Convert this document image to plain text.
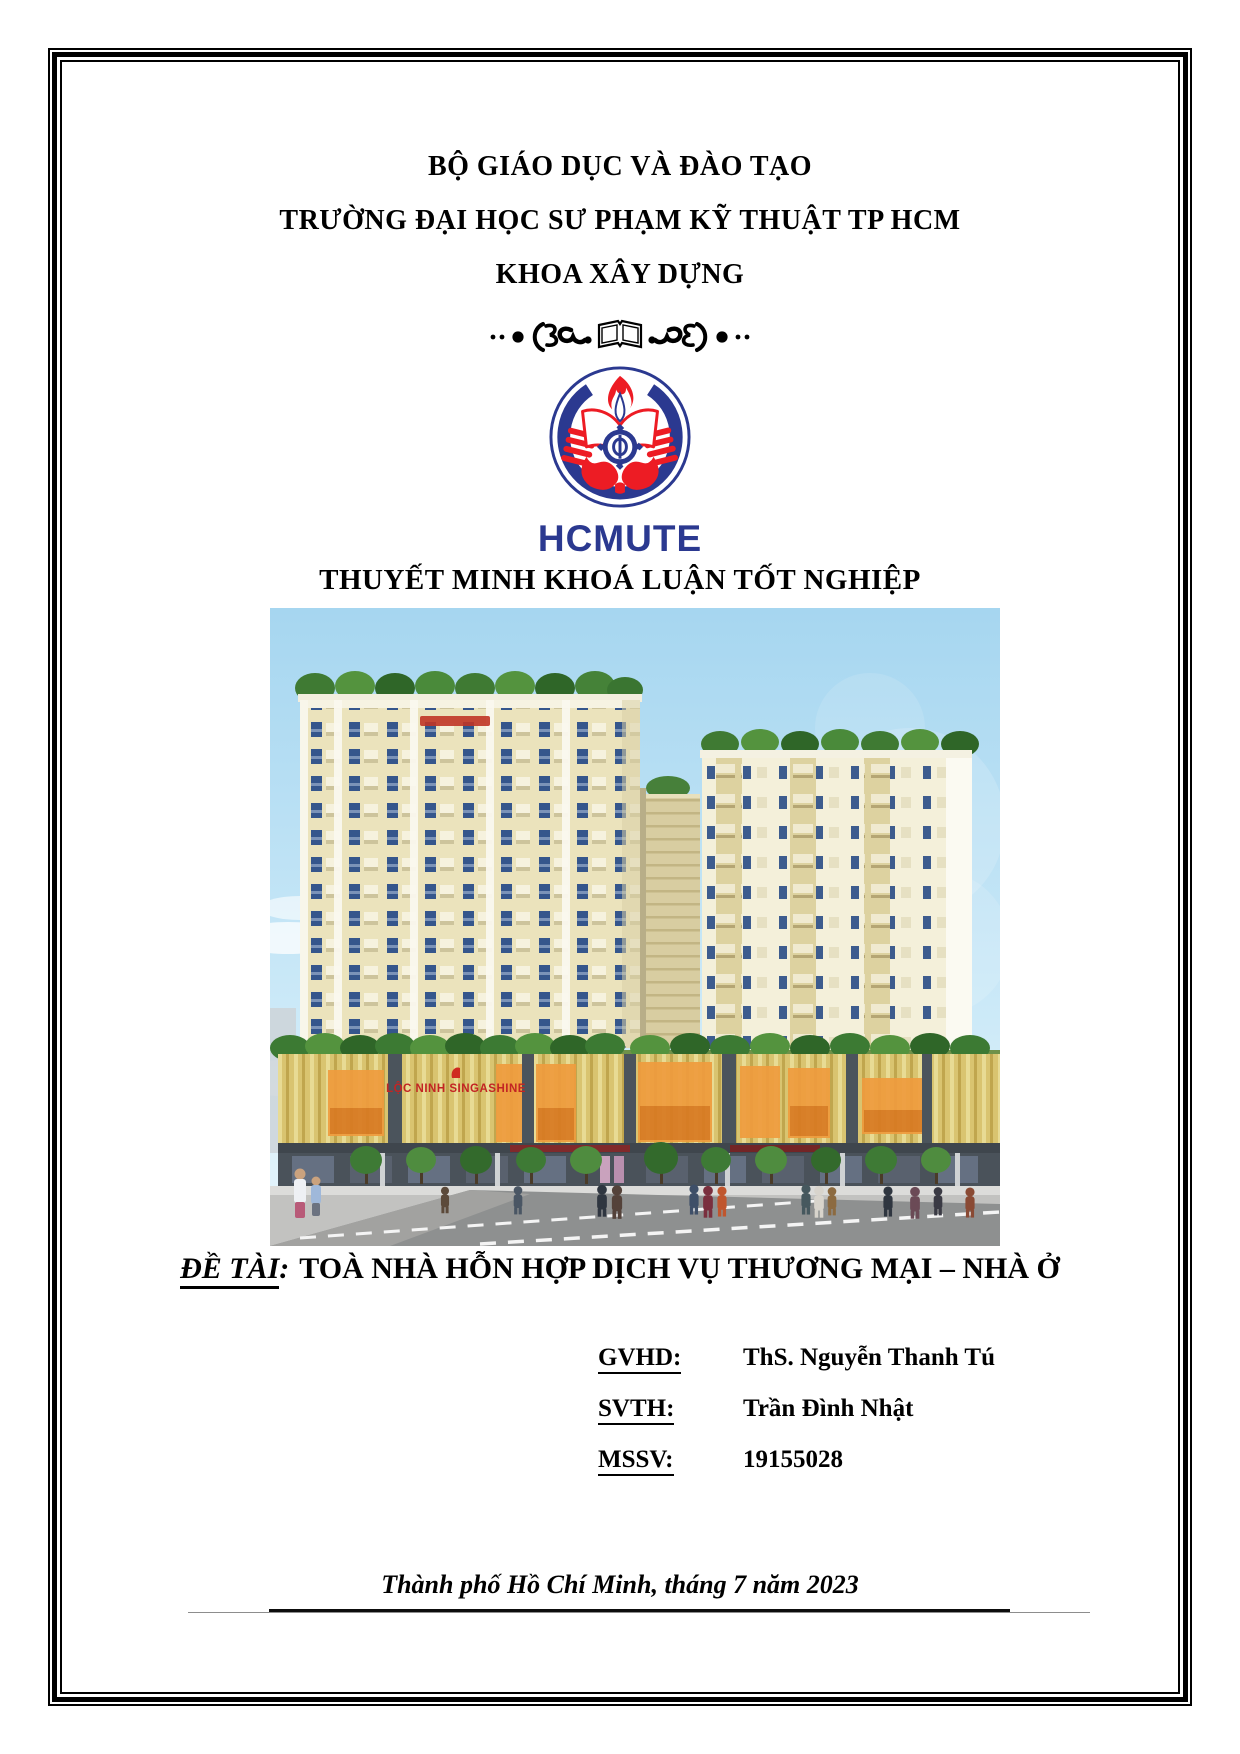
BỘ GIÁO DỤC VÀ ĐÀO TẠO
TRƯỜNG ĐẠI HỌC SƯ PHẠM KỸ THUẬT TP HCM
KHOA XÂY DỰNG
HCMUTE
THUYẾT MINH KHOÁ LUẬN TỐT NGHIỆP
LỘC NINH SINGASHINE
ĐỀ TÀI: TOÀ NHÀ HỖN HỢP DỊCH VỤ THƯƠNG MẠI – NHÀ Ở
GVHD:	ThS. Nguyễn Thanh Tú
SVTH:	Trần Đình Nhật
MSSV:	19155028
Thành phố Hồ Chí Minh, tháng 7 năm 2023
